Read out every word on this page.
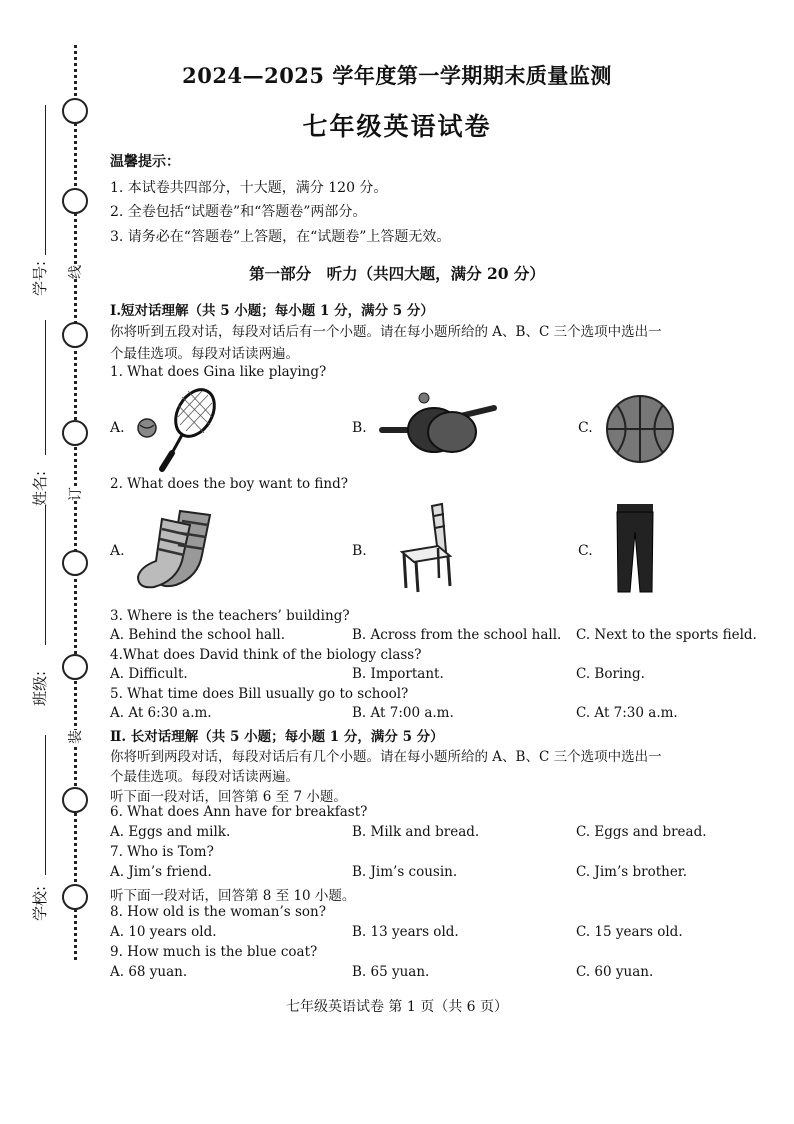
学号:
姓名:
班级:
学校:
线
订
装
2024—2025 学年度第一学期期末质量监测
七年级英语试卷
温馨提示：
1. 本试卷共四部分，十大题，满分 120 分。
2. 全卷包括“试题卷”和“答题卷”两部分。
3. 请务必在“答题卷”上答题，在“试题卷”上答题无效。
第一部分　听力（共四大题，满分 20 分）
I.短对话理解（共 5 小题；每小题 1 分，满分 5 分）
你将听到五段对话，每段对话后有一个小题。请在每小题所给的 A、B、C 三个选项中选出一
个最佳选项。每段对话读两遍。
1. What does Gina like playing?
A.	B.	C.
2. What does the boy want to find?
A.	B.	C.
3. Where is the teachers’ building?
A. Behind the school hall.	B. Across from the school hall. C. Next to the sports field.
4.What does David think of the biology class?
A. Difficult.	B. Important.	C. Boring.
5. What time does Bill usually go to school?
A. At 6:30 a.m.	B. At 7:00 a.m.	C. At 7:30 a.m.
Ⅱ. 长对话理解（共 5 小题；每小题 1 分，满分 5 分）
你将听到两段对话，每段对话后有几个小题。请在每小题所给的 A、B、C 三个选项中选出一
个最佳选项。每段对话读两遍。
听下面一段对话，回答第 6 至 7 小题。
6. What does Ann have for breakfast?
A. Eggs and milk.	B. Milk and bread.	C. Eggs and bread.
7. Who is Tom?
A. Jim’s friend.	B. Jim’s cousin.	C. Jim’s brother.
听下面一段对话，回答第 8 至 10 小题。
8. How old is the woman’s son?
A. 10 years old.	B. 13 years old.	C. 15 years old.
9. How much is the blue coat?
A. 68 yuan.	B. 65 yuan.	C. 60 yuan.
七年级英语试卷 第 1 页（共 6 页）
